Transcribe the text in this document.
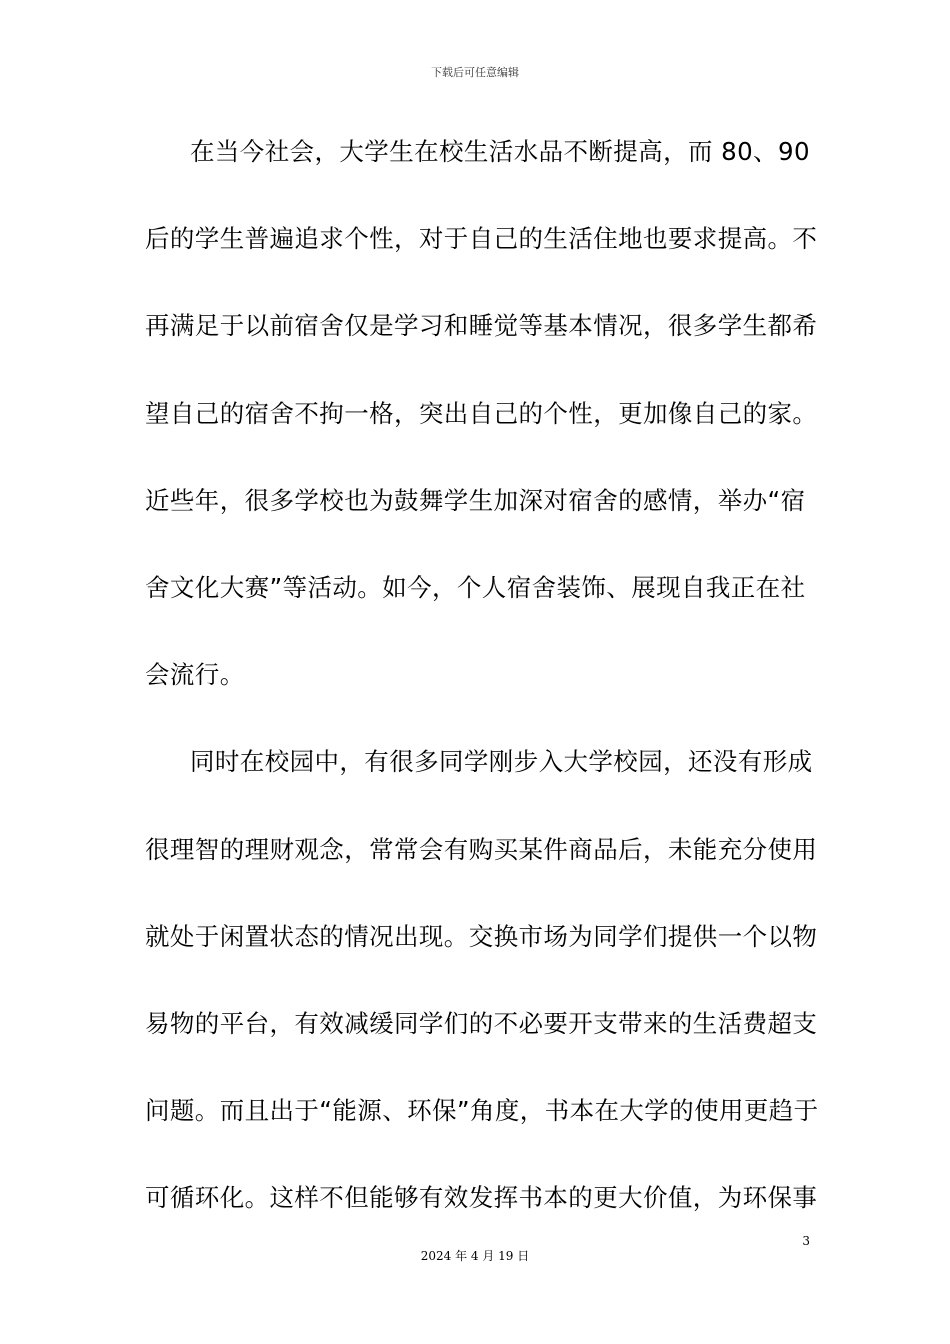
下载后可任意编辑
在当今社会，大学生在校生活水品不断提高，而 80、90
后的学生普遍追求个性，对于自己的生活住地也要求提高。不
再满足于以前宿舍仅是学习和睡觉等基本情况，很多学生都希
望自己的宿舍不拘一格，突出自己的个性，更加像自己的家。
近些年，很多学校也为鼓舞学生加深对宿舍的感情，举办“宿
舍文化大赛”等活动。如今，个人宿舍装饰、展现自我正在社
会流行。
同时在校园中，有很多同学刚步入大学校园，还没有形成
很理智的理财观念，常常会有购买某件商品后，未能充分使用
就处于闲置状态的情况出现。交换市场为同学们提供一个以物
易物的平台，有效减缓同学们的不必要开支带来的生活费超支
问题。而且出于“能源、环保”角度，书本在大学的使用更趋于
可循环化。这样不但能够有效发挥书本的更大价值，为环保事
3
2024 年 4 月 19 日
